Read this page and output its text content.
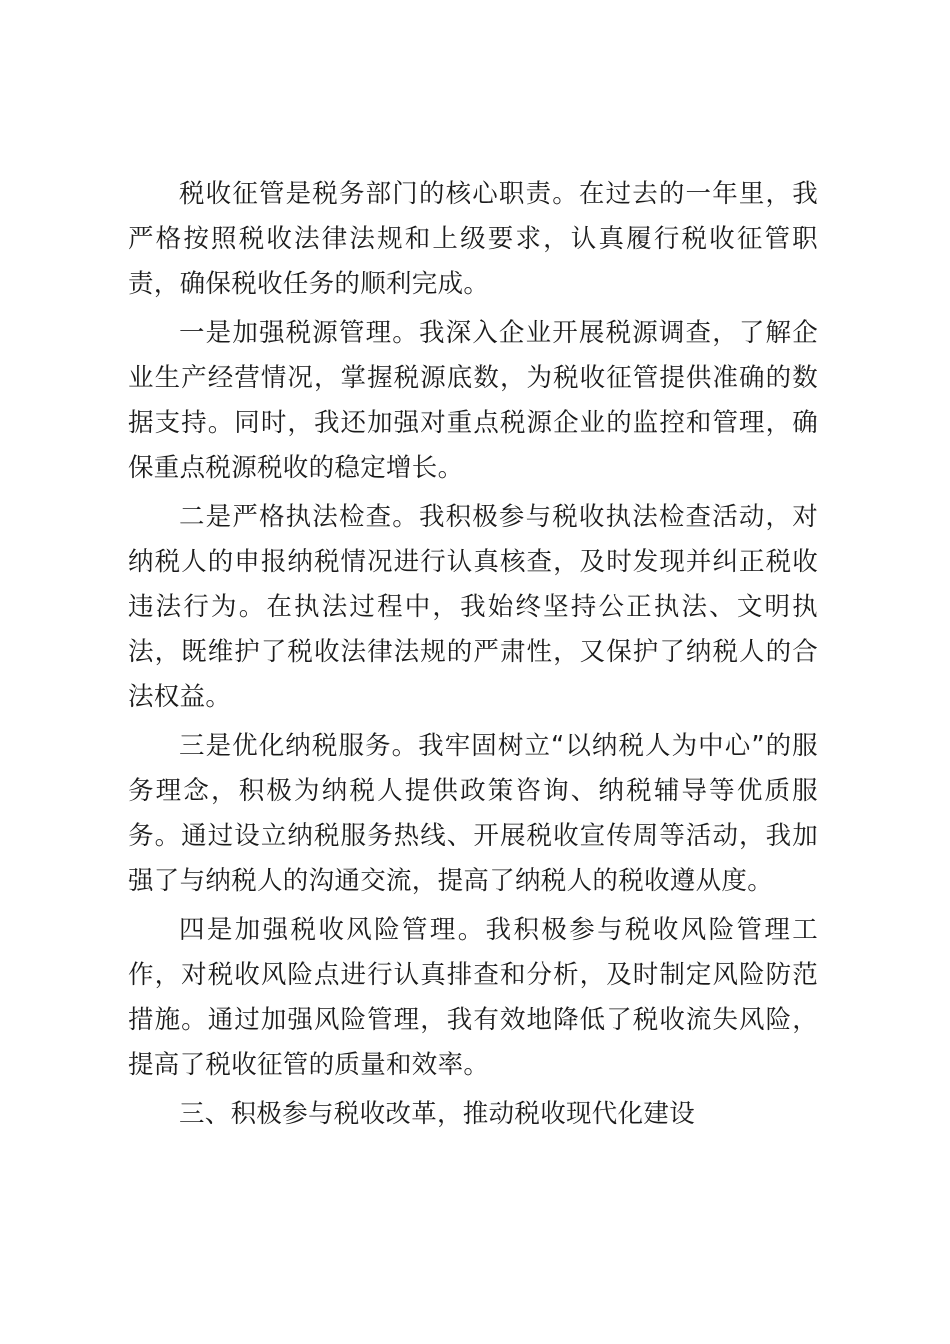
税收征管是税务部门的核心职责。在过去的一年里，我严格按照税收法律法规和上级要求，认真履行税收征管职责，确保税收任务的顺利完成。

一是加强税源管理。我深入企业开展税源调查，了解企业生产经营情况，掌握税源底数，为税收征管提供准确的数据支持。同时，我还加强对重点税源企业的监控和管理，确保重点税源税收的稳定增长。

二是严格执法检查。我积极参与税收执法检查活动，对纳税人的申报纳税情况进行认真核查，及时发现并纠正税收违法行为。在执法过程中，我始终坚持公正执法、文明执法，既维护了税收法律法规的严肃性，又保护了纳税人的合法权益。

三是优化纳税服务。我牢固树立“以纳税人为中心”的服务理念，积极为纳税人提供政策咨询、纳税辅导等优质服务。通过设立纳税服务热线、开展税收宣传周等活动，我加强了与纳税人的沟通交流，提高了纳税人的税收遵从度。

四是加强税收风险管理。我积极参与税收风险管理工作，对税收风险点进行认真排查和分析，及时制定风险防范措施。通过加强风险管理，我有效地降低了税收流失风险，提高了税收征管的质量和效率。

三、积极参与税收改革，推动税收现代化建设
